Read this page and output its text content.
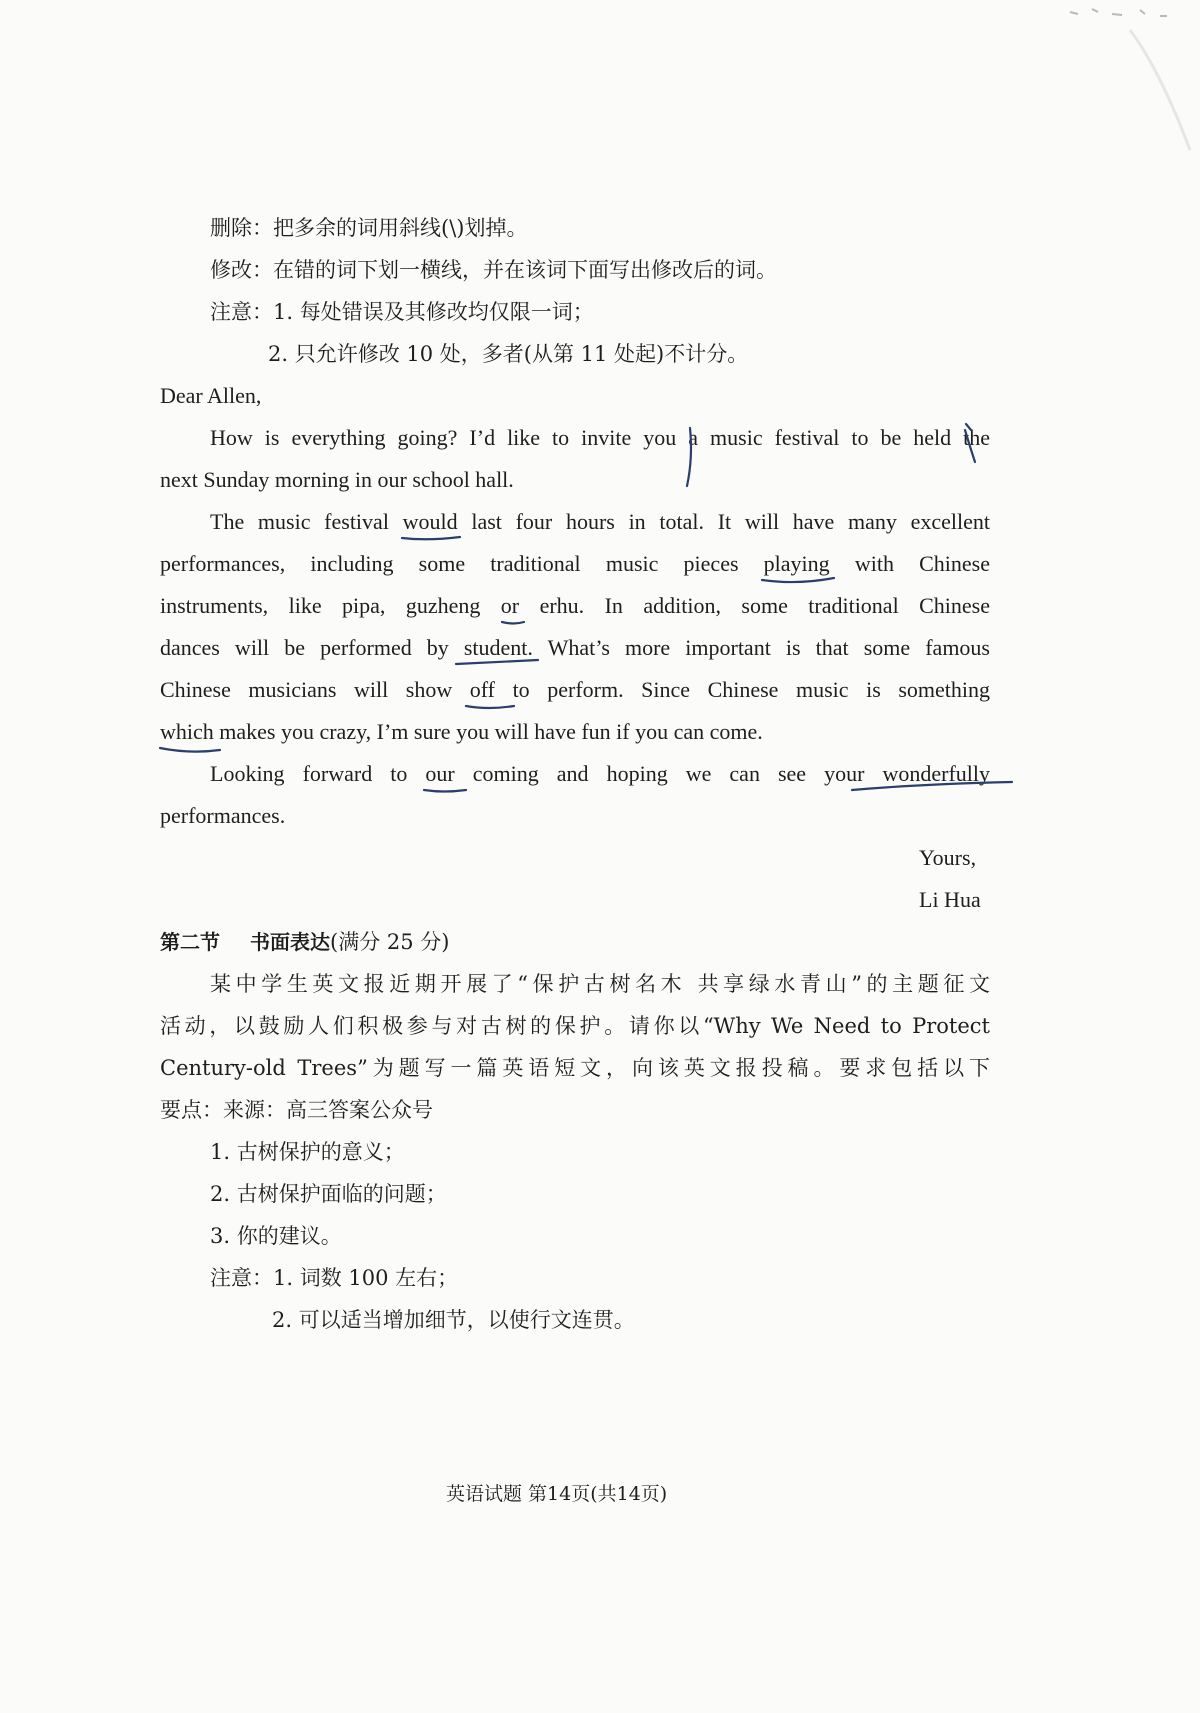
删除：把多余的词用斜线(\)划掉。

修改：在错的词下划一横线，并在该词下面写出修改后的词。

注意：1. 每处错误及其修改均仅限一词；

2. 只允许修改 10 处，多者(从第 11 处起)不计分。

Dear Allen,

How is everything going? I’d like to invite you a music festival to be held the

next Sunday morning in our school hall.

The music festival would last four hours in total. It will have many excellent

performances, including some traditional music pieces playing with Chinese

instruments, like pipa, guzheng or erhu. In addition, some traditional Chinese

dances will be performed by student. What’s more important is that some famous

Chinese musicians will show off to perform. Since Chinese music is something

which makes you crazy, I’m sure you will have fun if you can come.

Looking forward to our coming and hoping we can see your wonderfully

performances.

Yours,

Li Hua

第二节 书面表达(满分 25 分)

某中学生英文报近期开展了“保护古树名木 共享绿水青山”的主题征文

活动，以鼓励人们积极参与对古树的保护。请你以“Why We Need to Protect

Century-old Trees”为题写一篇英语短文，向该英文报投稿。要求包括以下

要点：来源：高三答案公众号

1. 古树保护的意义；

2. 古树保护面临的问题；

3. 你的建议。

注意：1. 词数 100 左右；

2. 可以适当增加细节，以使行文连贯。

英语试题 第14页(共14页)
